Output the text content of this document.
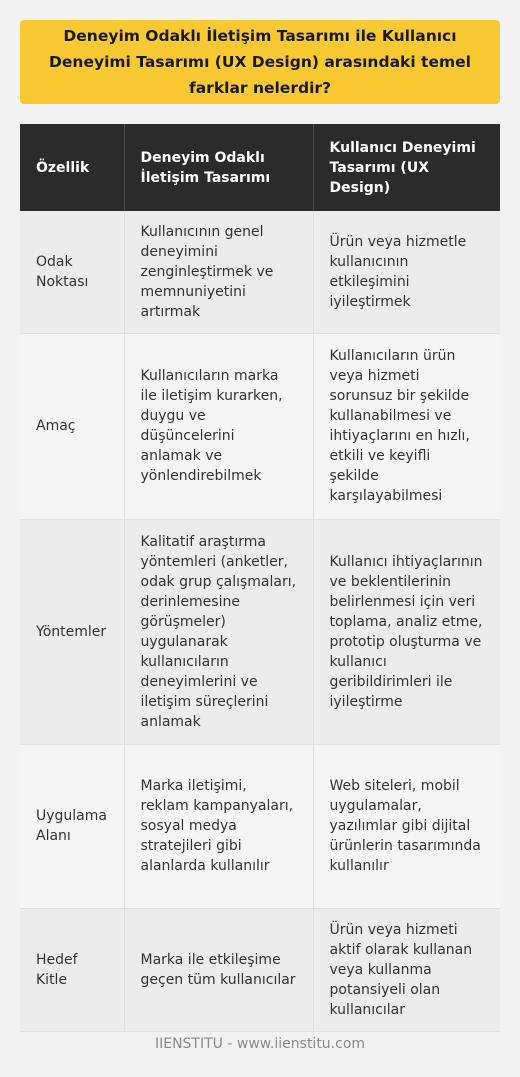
Deneyim Odaklı İletişim Tasarımı ile Kullanıcı Deneyimi Tasarımı (UX Design) arasındaki temel farklar nelerdir?
Özellik	Deneyim Odaklı İletişim Tasarımı	Kullanıcı Deneyimi Tasarımı (UX Design)
Odak Noktası	Kullanıcının genel deneyimini zenginleştirmek ve memnuniyetini artırmak	Ürün veya hizmetle kullanıcının etkileşimini iyileştirmek
Amaç	Kullanıcıların marka ile iletişim kurarken, duygu ve düşüncelerini anlamak ve yönlendirebilmek	Kullanıcıların ürün veya hizmeti sorunsuz bir şekilde kullanabilmesi ve ihtiyaçlarını en hızlı, etkili ve keyifli şekilde karşılayabilmesi
Yöntemler	Kalitatif araştırma yöntemleri (anketler, odak grup çalışmaları, derinlemesine görüşmeler) uygulanarak kullanıcıların deneyimlerini ve iletişim süreçlerini anlamak	Kullanıcı ihtiyaçlarının ve beklentilerinin belirlenmesi için veri toplama, analiz etme, prototip oluşturma ve kullanıcı geribildirimleri ile iyileştirme
Uygulama Alanı	Marka iletişimi, reklam kampanyaları, sosyal medya stratejileri gibi alanlarda kullanılır	Web siteleri, mobil uygulamalar, yazılımlar gibi dijital ürünlerin tasarımında kullanılır
Hedef Kitle	Marka ile etkileşime geçen tüm kullanıcılar	Ürün veya hizmeti aktif olarak kullanan veya kullanma potansiyeli olan kullanıcılar
IIENSTITU - www.iienstitu.com
